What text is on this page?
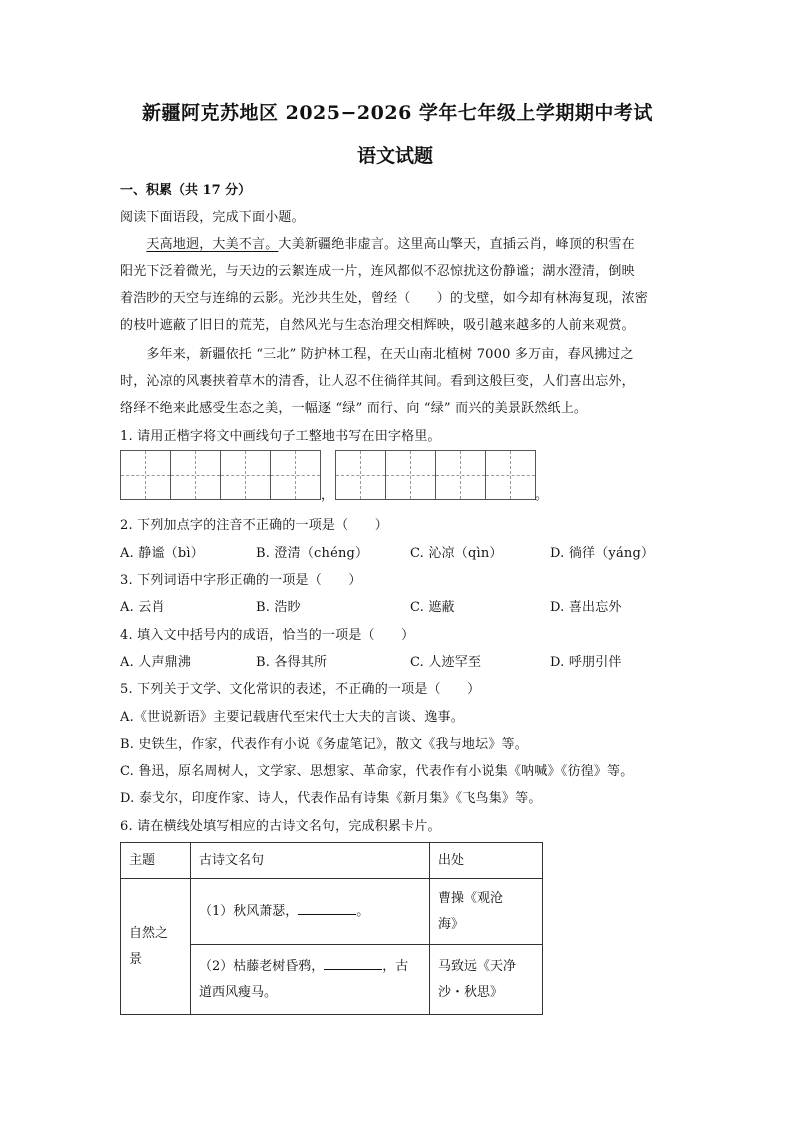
新疆阿克苏地区 2025−2026 学年七年级上学期期中考试
语文试题
一、积累（共 17 分）
阅读下面语段，完成下面小题。
　　天高地迥，大美不言。大美新疆绝非虚言。这里高山擎天，直插云肖，峰顶的积雪在
阳光下泛着微光，与天边的云絮连成一片，连风都似不忍惊扰这份静谧；湖水澄清，倒映
着浩眇的天空与连绵的云影。光沙共生处，曾经（　　）的戈壁，如今却有林海复现，浓密
的枝叶遮蔽了旧日的荒芜，自然风光与生态治理交相辉映，吸引越来越多的人前来观赏。
　　多年来，新疆依托 “三北” 防护林工程，在天山南北植树 7000 多万亩，春风拂过之
时，沁凉的风裹挟着草木的清香，让人忍不住徜徉其间。看到这般巨变，人们喜出忘外，
络绎不绝来此感受生态之美，一幅逐 “绿” 而行、向 “绿” 而兴的美景跃然纸上。
1. 请用正楷字将文中画线句子工整地书写在田字格里。
，	。
2. 下列加点字的注音不正确的一项是（　　）
A. 静谧（bì）	B. 澄清（chéng）	C. 沁凉（qìn）	D. 徜徉（yáng）
3. 下列词语中字形正确的一项是（　　）
A. 云肖	B. 浩眇	C. 遮蔽	D. 喜出忘外
4. 填入文中括号内的成语，恰当的一项是（　　）
A. 人声鼎沸	B. 各得其所	C. 人迹罕至	D. 呼朋引伴
5. 下列关于文学、文化常识的表述，不正确的一项是（　　）
A.《世说新语》主要记载唐代至宋代士大夫的言谈、逸事。
B. 史铁生，作家，代表作有小说《务虚笔记》，散文《我与地坛》等。
C. 鲁迅，原名周树人，文学家、思想家、革命家，代表作有小说集《呐喊》《彷徨》等。
D. 泰戈尔，印度作家、诗人，代表作品有诗集《新月集》《飞鸟集》等。
6. 请在横线处填写相应的古诗文名句，完成积累卡片。
主题	古诗文名句	出处
自然之
景	（1）秋风萧瑟， 。	曹操《观沧
海》
	（2）枯藤老树昏鸦， ，古
道西风瘦马。	马致远《天净
沙・秋思》
